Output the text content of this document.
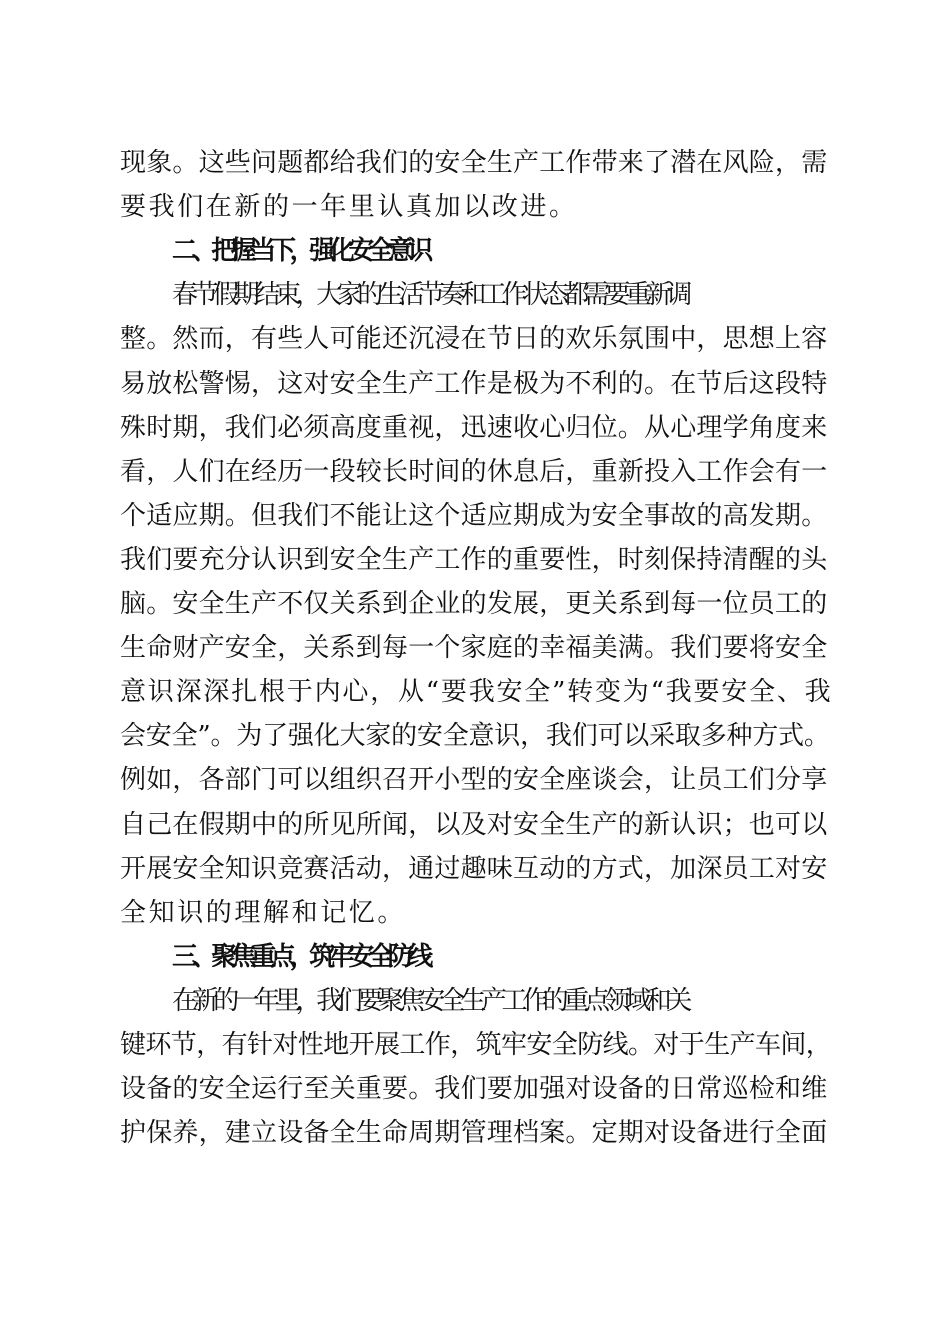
现象。这些问题都给我们的安全生产工作带来了潜在风险，需
要我们在新的一年里认真加以改进。
二、把握当下，强化安全意识
春节假期结束，大家的生活节奏和工作状态都需要重新调
整。然而，有些人可能还沉浸在节日的欢乐氛围中，思想上容
易放松警惕，这对安全生产工作是极为不利的。在节后这段特
殊时期，我们必须高度重视，迅速收心归位。从心理学角度来
看，人们在经历一段较长时间的休息后，重新投入工作会有一
个适应期。但我们不能让这个适应期成为安全事故的高发期。
我们要充分认识到安全生产工作的重要性，时刻保持清醒的头
脑。安全生产不仅关系到企业的发展，更关系到每一位员工的
生命财产安全，关系到每一个家庭的幸福美满。我们要将安全
意识深深扎根于内心，从“要我安全”转变为“我要安全、我
会安全”。为了强化大家的安全意识，我们可以采取多种方式。
例如，各部门可以组织召开小型的安全座谈会，让员工们分享
自己在假期中的所见所闻，以及对安全生产的新认识；也可以
开展安全知识竞赛活动，通过趣味互动的方式，加深员工对安
全知识的理解和记忆。
三、聚焦重点，筑牢安全防线
在新的一年里，我们要聚焦安全生产工作的重点领域和关
键环节，有针对性地开展工作，筑牢安全防线。对于生产车间，
设备的安全运行至关重要。我们要加强对设备的日常巡检和维
护保养，建立设备全生命周期管理档案。定期对设备进行全面
